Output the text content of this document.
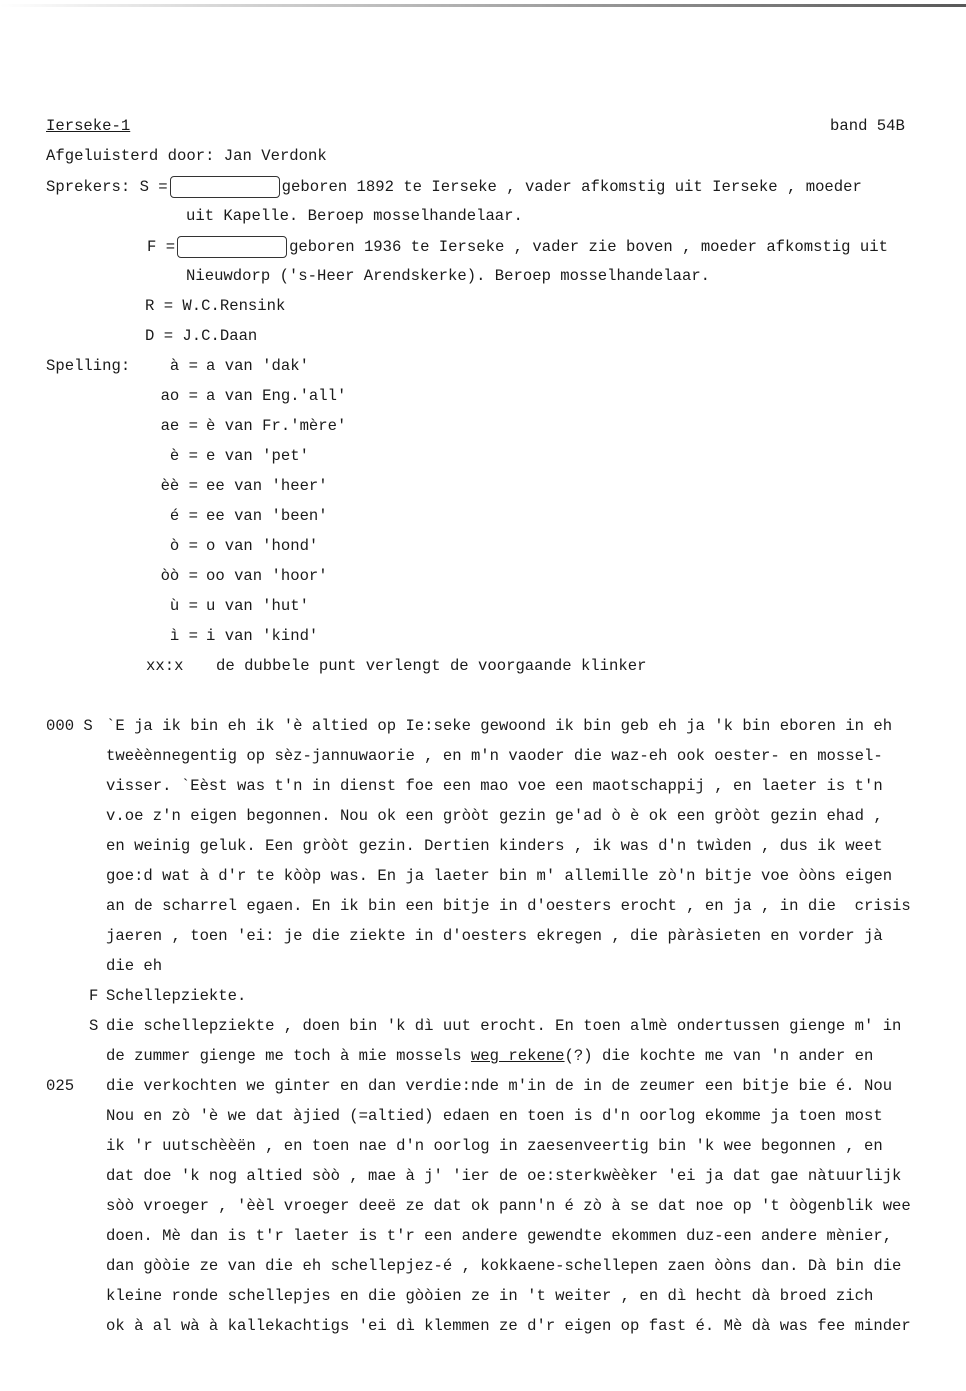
Ierseke-1	band 54B
Afgeluisterd door: Jan Verdonk
Sprekers: S =	geboren 1892 te Ierseke , vader afkomstig uit Ierseke , moeder
uit Kapelle. Beroep mosselhandelaar.
F =	geboren 1936 te Ierseke , vader zie boven , moeder afkomstig uit
Nieuwdorp ('s-Heer Arendskerke). Beroep mosselhandelaar.
R = W.C.Rensink
D = J.C.Daan
Spelling:	à = a van 'dak'
ao = a van Eng.'all'
ae = è van Fr.'mère'
è = e van 'pet'
èè = ee van 'heer'
é = ee van 'been'
ò = o van 'hond'
òò = oo van 'hoor'
ù = u van 'hut'
ì = i van 'kind'
xx:x de dubbele punt verlengt de voorgaande klinker
000 S `E ja ik bin eh ik 'è altied op Ie:seke gewoond ik bin geb eh ja 'k bin eboren in eh
tweèènnegentig op sèz-jannuwaorie , en m'n vaoder die waz-eh ook oester- en mossel-
visser. `Eèst was t'n in dienst foe een mao voe een maotschappij , en laeter is t'n
v.oe z'n eigen begonnen. Nou ok een gròòt gezin ge'ad ò è ok een gròòt gezin ehad ,
en weinig geluk. Een gròòt gezin. Dertien kinders , ik was d'n twìden , dus ik weet
goe:d wat à d'r te kòòp was. En ja laeter bin m' allemille zò'n bitje voe òòns eigen
an de scharrel egaen. En ik bin een bitje in d'oesters erocht , en ja , in die  crisis
jaeren , toen 'ei: je die ziekte in d'oesters ekregen , die pàràsieten en vorder jà
die eh
F Schellepziekte.
S die schellepziekte , doen bin 'k dì uut erocht. En toen almè ondertussen gienge m' in
de zummer gienge me toch à mie mossels weg rekene(?) die kochte me van 'n ander en
025 die verkochten we ginter en dan verdie:nde m'in de in de zeumer een bitje bie é. Nou
Nou en zò 'è we dat àjied (=altied) edaen en toen is d'n oorlog ekomme ja toen most
ik 'r uutschèèën , en toen nae d'n oorlog in zaesenveertig bin 'k wee begonnen , en
dat doe 'k nog altied sòò , mae à j' 'ier de oe:sterkwèèker 'ei ja dat gae nàtuurlijk
sòò vroeger , 'èèl vroeger deeë ze dat ok pann'n é zò à se dat noe op 't òògenblik wee
doen. Mè dan is t'r laeter is t'r een andere gewendte ekommen duz-een andere mènier,
dan gòòie ze van die eh schellepjez-é , kokkaene-schellepen zaen òòns dan. Dà bin die
kleine ronde schellepjes en die gòòien ze in 't weiter , en dì hecht dà broed zich
ok à al wà à kallekachtigs 'ei dì klemmen ze d'r eigen op fast é. Mè dà was fee minder
